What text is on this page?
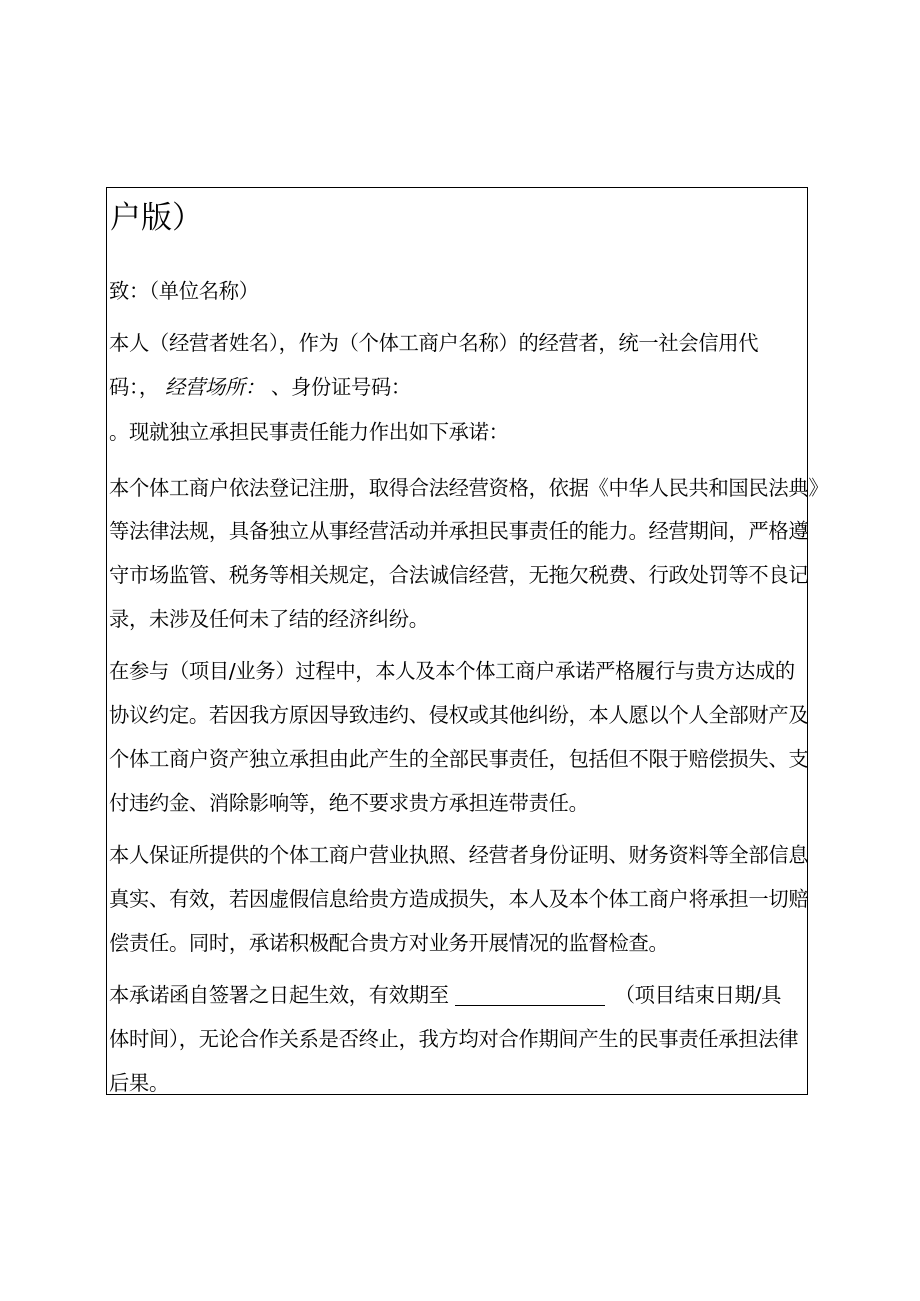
户版）
致：（单位名称）
本人（经营者姓名），作为（个体工商户名称）的经营者，统一社会信用代
码：， 经营场所： 、身份证号码：
。现就独立承担民事责任能力作出如下承诺：
本个体工商户依法登记注册，取得合法经营资格，依据《中华人民共和国民法典》
等法律法规，具备独立从事经营活动并承担民事责任的能力。经营期间，严格遵
守市场监管、税务等相关规定，合法诚信经营，无拖欠税费、行政处罚等不良记
录，未涉及任何未了结的经济纠纷。
在参与（项目/业务）过程中，本人及本个体工商户承诺严格履行与贵方达成的
协议约定。若因我方原因导致违约、侵权或其他纠纷，本人愿以个人全部财产及
个体工商户资产独立承担由此产生的全部民事责任，包括但不限于赔偿损失、支
付违约金、消除影响等，绝不要求贵方承担连带责任。
本人保证所提供的个体工商户营业执照、经营者身份证明、财务资料等全部信息
真实、有效，若因虚假信息给贵方造成损失，本人及本个体工商户将承担一切赔
偿责任。同时，承诺积极配合贵方对业务开展情况的监督检查。
本承诺函自签署之日起生效，有效期至	（项目结束日期/具
体时间），无论合作关系是否终止，我方均对合作期间产生的民事责任承担法律
后果。
